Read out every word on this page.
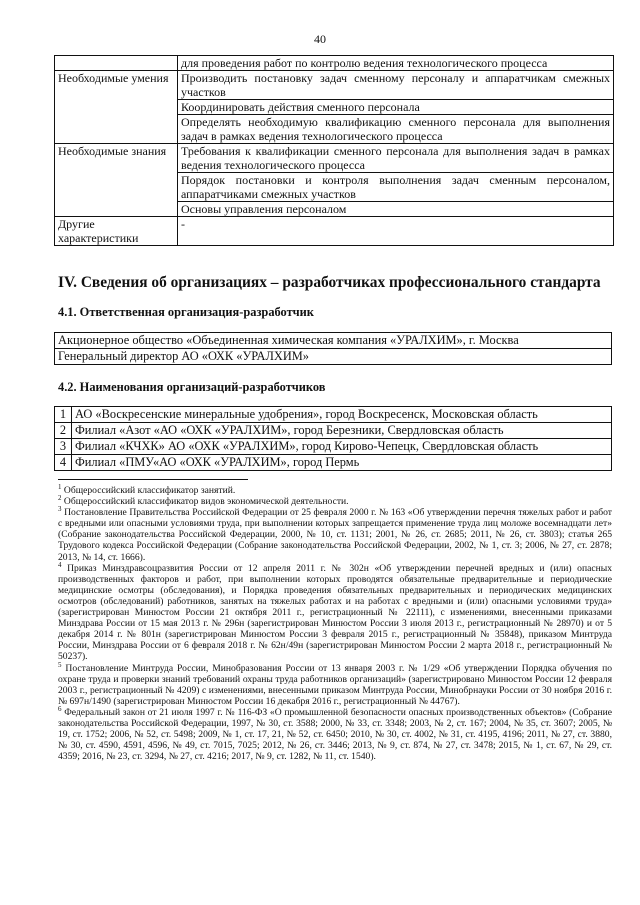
40
	для проведения работ по контролю ведения технологического процесса
Необходимые умения	Производить постановку задач сменному персоналу и аппаратчикам смежных участков
	Координировать действия сменного персонала
	Определять необходимую квалификацию сменного персонала для выполнения задач в рамках ведения технологического процесса
Необходимые знания	Требования к квалификации сменного персонала для выполнения задач в рамках ведения технологического процесса
	Порядок постановки и контроля выполнения задач сменным персоналом, аппаратчиками смежных участков
	Основы управления персоналом
Другие характеристики	-
IV. Сведения об организациях – разработчиках профессионального стандарта
4.1. Ответственная организация-разработчик
Акционерное общество «Объединенная химическая компания «УРАЛХИМ», г. Москва
Генеральный директор АО «ОХК «УРАЛХИМ»
4.2. Наименования организаций-разработчиков
1	АО «Воскресенские минеральные удобрения», город Воскресенск, Московская область
2	Филиал «Азот «АО «ОХК «УРАЛХИМ», город Березники, Свердловская область
3	Филиал «КЧХК» АО «ОХК «УРАЛХИМ», город Кирово-Чепецк, Свердловская область
4	Филиал «ПМУ«АО «ОХК «УРАЛХИМ», город Пермь

$^1$ Общероссийский классификатор занятий.

$^2$ Общероссийский классификатор видов экономической деятельности.

$^3$ Постановление Правительства Российской Федерации от 25 февраля 2000 г. № 163 «Об утверждении перечня тяжелых работ и работ с вредными или опасными условиями труда, при выполнении которых запрещается применение труда лиц моложе восемнадцати лет» (Собрание законодательства Российской Федерации, 2000, № 10, ст. 1131; 2001, № 26, ст. 2685; 2011, № 26, ст. 3803); статья 265 Трудового кодекса Российской Федерации (Собрание законодательства Российской Федерации, 2002, № 1, ст. 3; 2006, № 27, ст. 2878; 2013, № 14, ст. 1666).

$^4$ Приказ Минздравсоцразвития России от 12 апреля 2011 г. № 302н «Об утверждении перечней вредных и (или) опасных производственных факторов и работ, при выполнении которых проводятся обязательные предварительные и периодические медицинские осмотры (обследования), и Порядка проведения обязательных предварительных и периодических медицинских осмотров (обследований) работников, занятых на тяжелых работах и на работах с вредными и (или) опасными условиями труда» (зарегистрирован Минюстом России 21 октября 2011 г., регистрационный № 22111), с изменениями, внесенными приказами Минздрава России от 15 мая 2013 г. № 296н (зарегистрирован Минюстом России 3 июля 2013 г., регистрационный № 28970) и от 5 декабря 2014 г. № 801н (зарегистрирован Минюстом России 3 февраля 2015 г., регистрационный № 35848), приказом Минтруда России, Минздрава России от 6 февраля 2018 г. № 62н/49н (зарегистрирован Минюстом России 2 марта 2018 г., регистрационный № 50237).

$^5$ Постановление Минтруда России, Минобразования России от 13 января 2003 г. № 1/29 «Об утверждении Порядка обучения по охране труда и проверки знаний требований охраны труда работников организаций» (зарегистрировано Минюстом России 12 февраля 2003 г., регистрационный № 4209) с изменениями, внесенными приказом Минтруда России, Минобрнауки России от 30 ноября 2016 г. № 697н/1490 (зарегистрирован Минюстом России 16 декабря 2016 г., регистрационный № 44767).

$^6$ Федеральный закон от 21 июля 1997 г. № 116-ФЗ «О промышленной безопасности опасных производственных объектов» (Собрание законодательства Российской Федерации, 1997, № 30, ст. 3588; 2000, № 33, ст. 3348; 2003, № 2, ст. 167; 2004, № 35, ст. 3607; 2005, № 19, ст. 1752; 2006, № 52, ст. 5498; 2009, № 1, ст. 17, 21, № 52, ст. 6450; 2010, № 30, ст. 4002, № 31, ст. 4195, 4196; 2011, № 27, ст. 3880, № 30, ст. 4590, 4591, 4596, № 49, ст. 7015, 7025; 2012, № 26, ст. 3446; 2013, № 9, ст. 874, № 27, ст. 3478; 2015, № 1, ст. 67, № 29, ст. 4359; 2016, № 23, ст. 3294, № 27, ст. 4216; 2017, № 9, ст. 1282, № 11, ст. 1540).
